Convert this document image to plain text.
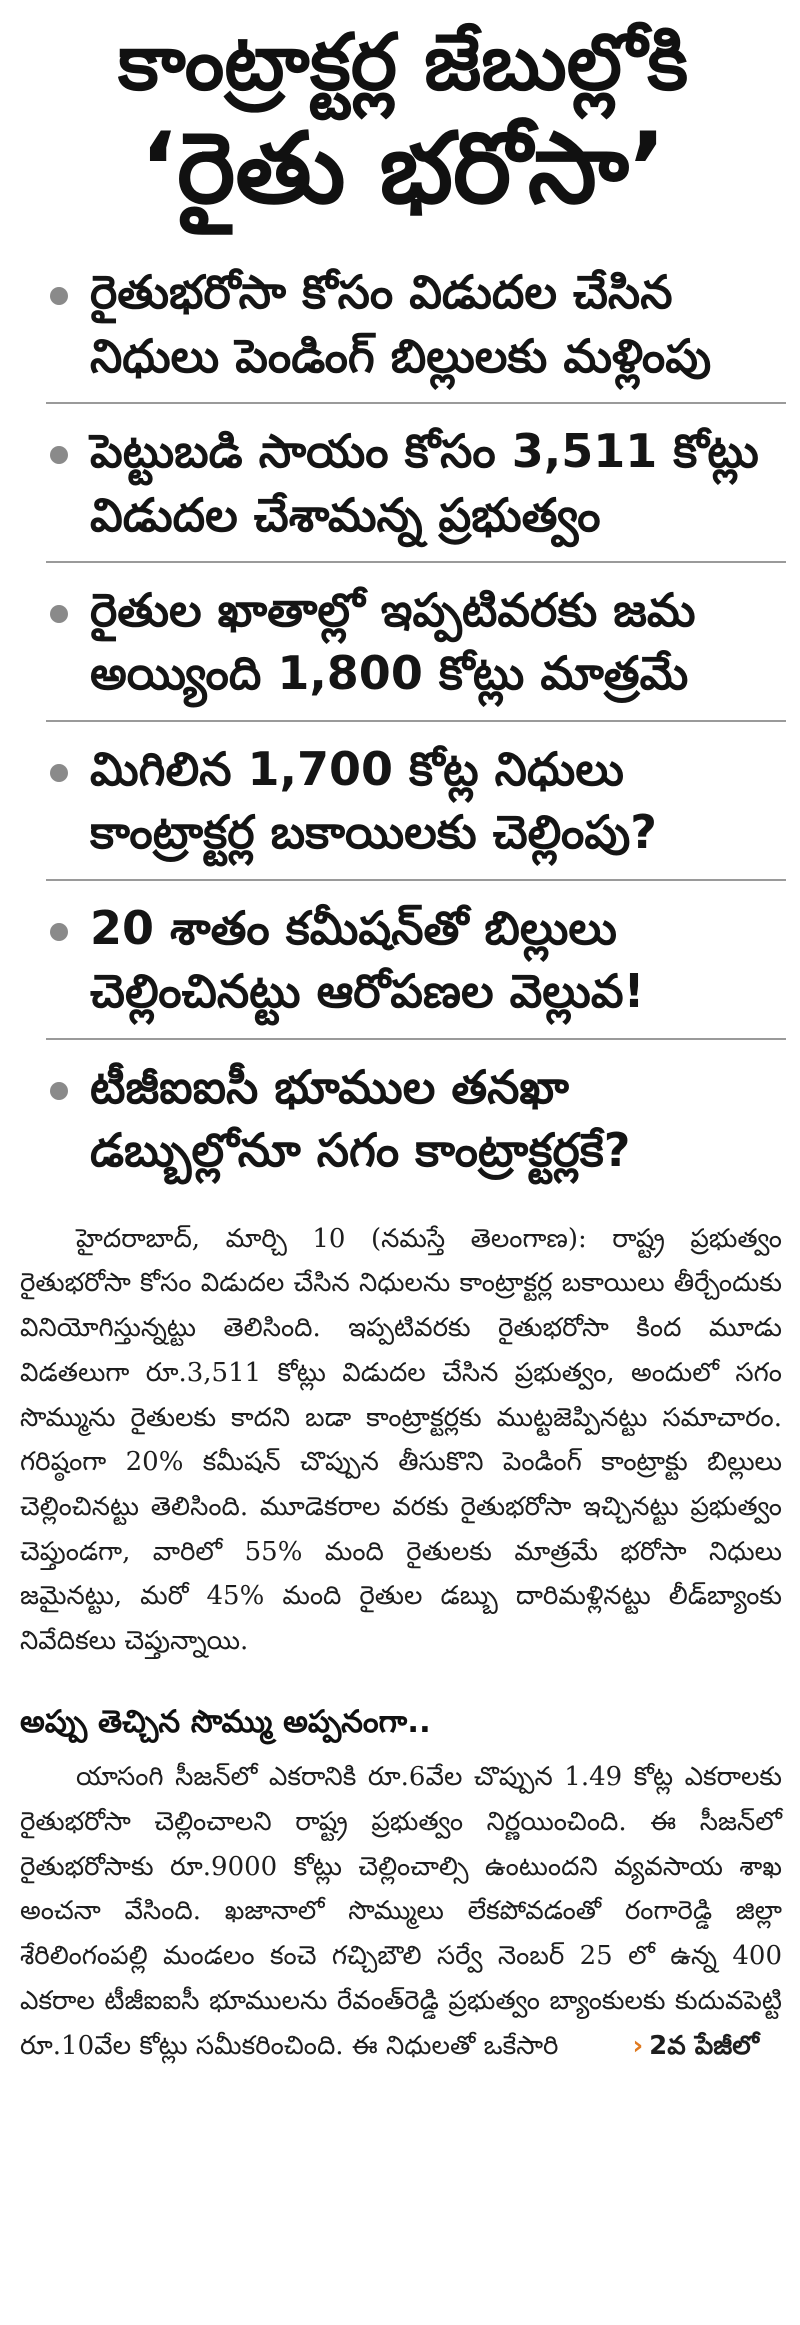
కాంట్రాక్టర్ల జేబుల్లోకి
‘రైతు భరోసా’
రైతుభరోసా కోసం విడుదల చేసిన నిధులు పెండింగ్ బిల్లులకు మళ్లింపు
పెట్టుబడి సాయం కోసం 3,511 కోట్లు విడుదల చేశామన్న ప్రభుత్వం
రైతుల ఖాతాల్లో ఇప్పటివరకు జమ అయ్యింది 1,800 కోట్లు మాత్రమే
మిగిలిన 1,700 కోట్ల నిధులు కాంట్రాక్టర్ల బకాయిలకు చెల్లింపు?
20 శాతం కమీషన్‌తో బిల్లులు చెల్లించినట్టు ఆరోపణల వెల్లువ!
టీజీఐఐసీ భూముల తనఖా డబ్బుల్లోనూ సగం కాంట్రాక్టర్లకే?

హైదరాబాద్, మార్చి 10 (నమస్తే తెలంగాణ): రాష్ట్ర ప్రభుత్వం రైతుభరోసా కోసం విడుదల చేసిన నిధులను కాంట్రాక్టర్ల బకాయిలు తీర్చేందుకు వినియోగిస్తున్నట్టు తెలిసింది. ఇప్పటివరకు రైతుభరోసా కింద మూడు విడతలుగా రూ.3,511 కోట్లు విడుదల చేసిన ప్రభుత్వం, అందులో సగం సొమ్మును రైతులకు కాదని బడా కాంట్రాక్టర్లకు ముట్టజెప్పినట్టు సమాచారం. గరిష్ఠంగా 20% కమీషన్ చొప్పున తీసుకొని పెండింగ్ కాంట్రాక్టు బిల్లులు చెల్లించినట్టు తెలిసింది. మూడెకరాల వరకు రైతుభరోసా ఇచ్చినట్టు ప్రభుత్వం చెప్తుండగా, వారిలో 55% మంది రైతులకు మాత్రమే భరోసా నిధులు జమైనట్టు, మరో 45% మంది రైతుల డబ్బు దారిమళ్లినట్టు లీడ్‌బ్యాంకు నివేదికలు చెప్తున్నాయి.

అప్పు తెచ్చిన సొమ్ము అప్పనంగా..

యాసంగి సీజన్‌లో ఎకరానికి రూ.6వేల చొప్పున 1.49 కోట్ల ఎకరాలకు రైతుభరోసా చెల్లించాలని రాష్ట్ర ప్రభుత్వం నిర్ణయించింది. ఈ సీజన్‌లో రైతుభరోసాకు రూ.9000 కోట్లు చెల్లించాల్సి ఉంటుందని వ్యవసాయ శాఖ అంచనా వేసింది. ఖజానాలో సొమ్ములు లేకపోవడంతో రంగారెడ్డి జిల్లా శేరిలింగంపల్లి మండలం కంచె గచ్చిబౌలి సర్వే నెంబర్ 25 లో ఉన్న 400 ఎకరాల టీజీఐఐసీ భూములను రేవంత్‌రెడ్డి ప్రభుత్వం బ్యాంకులకు కుదువపెట్టి రూ.10వేల కోట్లు సమీకరించింది. ఈ నిధులతో ఒకేసారి	› 2వ పేజీలో
